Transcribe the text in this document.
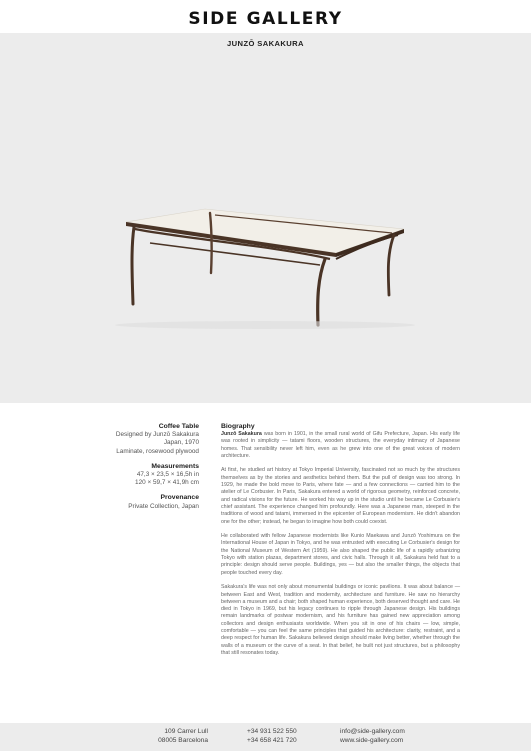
SIDE GALLERY
JUNZŌ SAKAKURA
Coffee Table
Designed by Junzō Sakakura
Japan, 1970
Laminate, rosewood plywood
Measurements
47,3 × 23,5 × 16,5h in
120 × 59,7 × 41,9h cm
Provenance
Private Collection, Japan
Biography

Junzō Sakakura was born in 1901, in the small rural world of Gifu Prefecture, Japan. His early life was rooted in simplicity — tatami floors, wooden structures, the everyday intimacy of Japanese homes. That sensibility never left him, even as he grew into one of the great voices of modern architecture.

At first, he studied art history at Tokyo Imperial University, fascinated not so much by the structures themselves as by the stories and aesthetics behind them. But the pull of design was too strong. In 1929, he made the bold move to Paris, where fate — and a few connections — carried him to the atelier of Le Corbusier. In Paris, Sakakura entered a world of rigorous geometry, reinforced concrete, and radical visions for the future. He worked his way up in the studio until he became Le Corbusier's chief assistant. The experience changed him profoundly. Here was a Japanese man, steeped in the traditions of wood and tatami, immersed in the epicenter of European modernism. He didn't abandon one for the other; instead, he began to imagine how both could coexist.

He collaborated with fellow Japanese modernists like Kunio Maekawa and Junzō Yoshimura on the International House of Japan in Tokyo, and he was entrusted with executing Le Corbusier's design for the National Museum of Western Art (1959). He also shaped the public life of a rapidly urbanizing Tokyo with station plazas, department stores, and civic halls. Through it all, Sakakura held fast to a principle: design should serve people. Buildings, yes — but also the smaller things, the objects that people touched every day.

Sakakura's life was not only about monumental buildings or iconic pavilions. It was about balance — between East and West, tradition and modernity, architecture and furniture. He saw no hierarchy between a museum and a chair; both shaped human experience, both deserved thought and care. He died in Tokyo in 1969, but his legacy continues to ripple through Japanese design. His buildings remain landmarks of postwar modernism, and his furniture has gained new appreciation among collectors and design enthusiasts worldwide. When you sit in one of his chairs — low, simple, comfortable — you can feel the same principles that guided his architecture: clarity, restraint, and a deep respect for human life. Sakakura believed design should make living better, whether through the walls of a museum or the curve of a seat. In that belief, he built not just structures, but a philosophy that still resonates today.

109 Carrer Lull
08005 Barcelona
+34 931 522 550
+34 658 421 720
info@side-gallery.com
www.side-gallery.com
